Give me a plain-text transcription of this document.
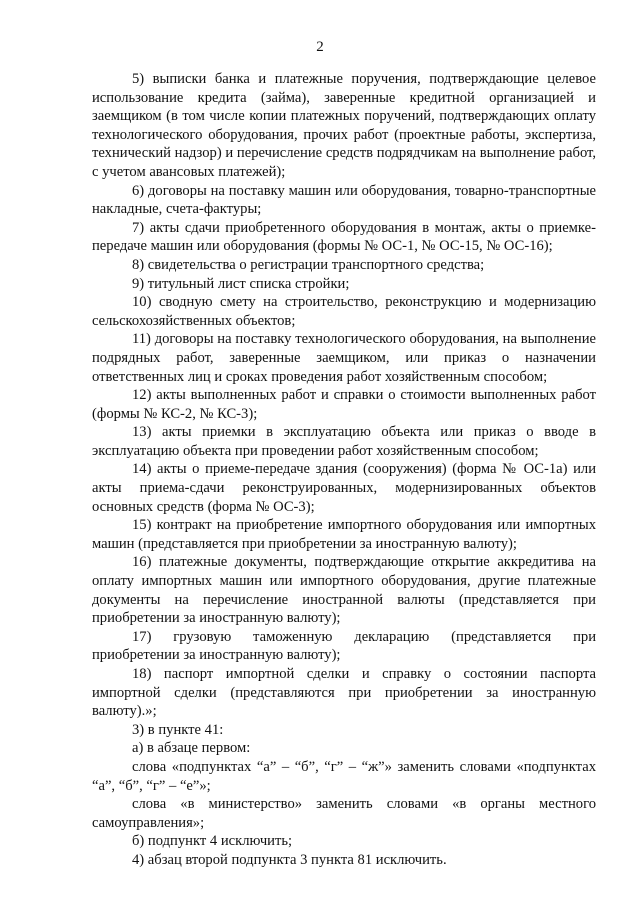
2

5) выписки банка и платежные поручения, подтверждающие целевое использование кредита (займа), заверенные кредитной организацией и заемщиком (в том числе копии платежных поручений, подтверждающих оплату технологического оборудования, прочих работ (проектные работы, экспертиза, технический надзор) и перечисление средств подрядчикам на выполнение работ, с учетом авансовых платежей);

6) договоры на поставку машин или оборудования, товарно-транспортные накладные, счета-фактуры;

7) акты сдачи приобретенного оборудования в монтаж, акты о приемке-передаче машин или оборудования (формы № ОС-1, № ОС-15, № ОС-16);

8) свидетельства о регистрации транспортного средства;

9) титульный лист списка стройки;

10) сводную смету на строительство, реконструкцию и модернизацию сельскохозяйственных объектов;

11) договоры на поставку технологического оборудования, на выполнение подрядных работ, заверенные заемщиком, или приказ о назначении ответственных лиц и сроках проведения работ хозяйственным способом;

12) акты выполненных работ и справки о стоимости выполненных работ (формы № КС-2, № КС-3);

13) акты приемки в эксплуатацию объекта или приказ о вводе в эксплуатацию объекта при проведении работ хозяйственным способом;

14) акты о приеме-передаче здания (сооружения) (форма № ОС-1а) или акты приема-сдачи реконструированных, модернизированных объектов основных средств (форма № ОС-3);

15) контракт на приобретение импортного оборудования или импортных машин (представляется при приобретении за иностранную валюту);

16) платежные документы, подтверждающие открытие аккредитива на оплату импортных машин или импортного оборудования, другие платежные документы на перечисление иностранной валюты (представляется при приобретении за иностранную валюту);

17) грузовую таможенную декларацию (представляется при приобретении за иностранную валюту);

18) паспорт импортной сделки и справку о состоянии паспорта импортной сделки (представляются при приобретении за иностранную валюту).»;

3) в пункте 41:

а) в абзаце первом:

слова «подпунктах “а” – “б”, “г” – “ж”» заменить словами «подпунктах “а”, “б”, “г” – “е”»;

слова «в министерство» заменить словами «в органы местного самоуправления»;

б) подпункт 4 исключить;

4) абзац второй подпункта 3 пункта 81 исключить.
